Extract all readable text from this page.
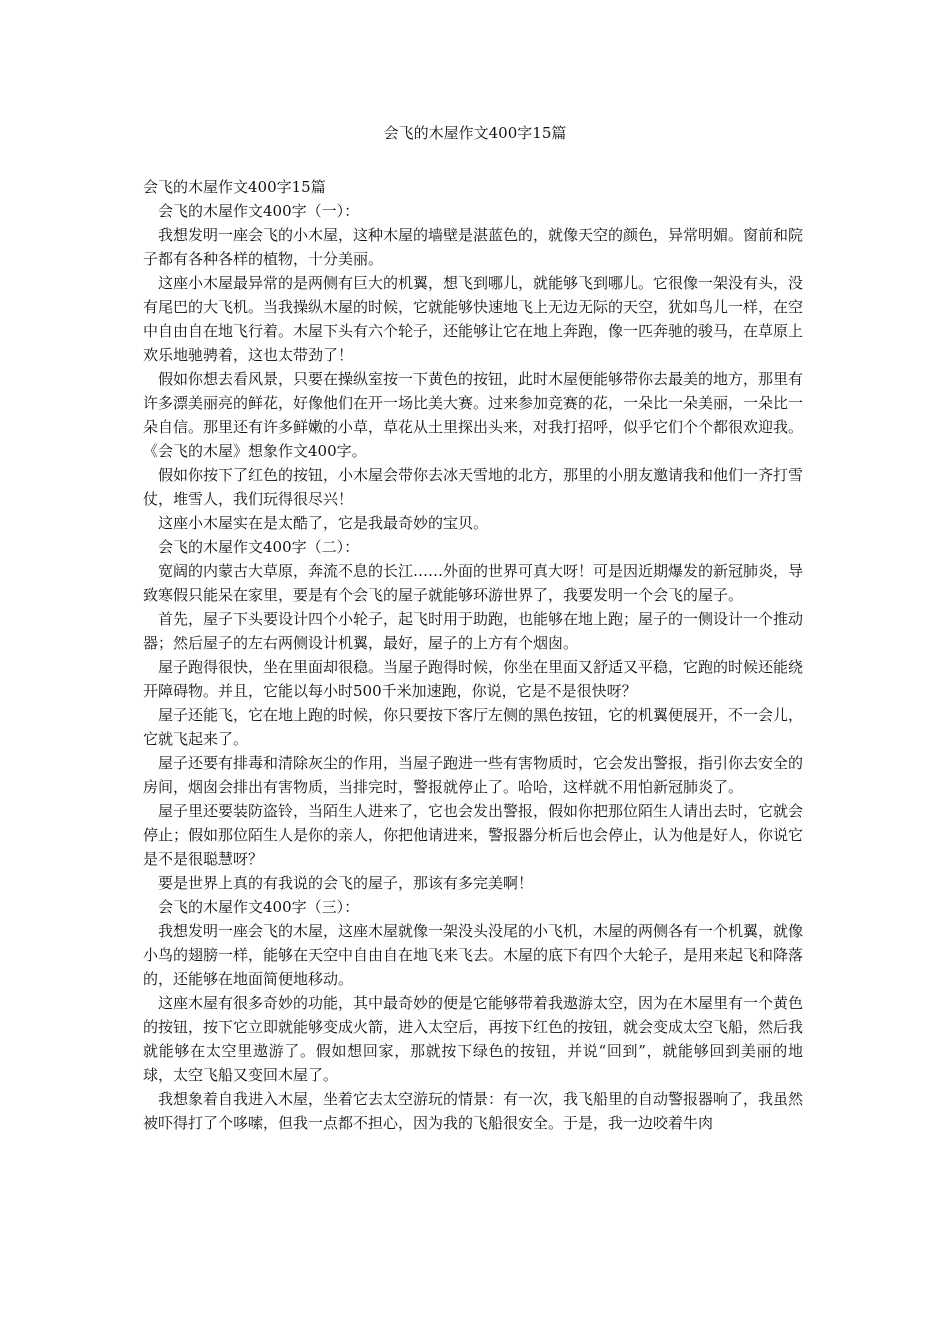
会飞的木屋作文400字15篇

会飞的木屋作文400字15篇

会飞的木屋作文400字（一）：

我想发明一座会飞的小木屋，这种木屋的墙壁是湛蓝色的，就像天空的颜色，异常明媚。窗前和院子都有各种各样的植物，十分美丽。

这座小木屋最异常的是两侧有巨大的机翼，想飞到哪儿，就能够飞到哪儿。它很像一架没有头，没有尾巴的大飞机。当我操纵木屋的时候，它就能够快速地飞上无边无际的天空，犹如鸟儿一样，在空中自由自在地飞行着。木屋下头有六个轮子，还能够让它在地上奔跑，像一匹奔驰的骏马，在草原上欢乐地驰骋着，这也太带劲了！

假如你想去看风景，只要在操纵室按一下黄色的按钮，此时木屋便能够带你去最美的地方，那里有许多漂美丽亮的鲜花，好像他们在开一场比美大赛。过来参加竞赛的花，一朵比一朵美丽，一朵比一朵自信。那里还有许多鲜嫩的小草，草花从土里探出头来，对我打招呼，似乎它们个个都很欢迎我。《会飞的木屋》想象作文400字。

假如你按下了红色的按钮，小木屋会带你去冰天雪地的北方，那里的小朋友邀请我和他们一齐打雪仗，堆雪人，我们玩得很尽兴！

这座小木屋实在是太酷了，它是我最奇妙的宝贝。

会飞的木屋作文400字（二）：

宽阔的内蒙古大草原，奔流不息的长江……外面的世界可真大呀！可是因近期爆发的新冠肺炎，导致寒假只能呆在家里，要是有个会飞的屋子就能够环游世界了，我要发明一个会飞的屋子。

首先，屋子下头要设计四个小轮子，起飞时用于助跑，也能够在地上跑；屋子的一侧设计一个推动器；然后屋子的左右两侧设计机翼，最好，屋子的上方有个烟囱。

屋子跑得很快，坐在里面却很稳。当屋子跑得时候，你坐在里面又舒适又平稳，它跑的时候还能绕开障碍物。并且，它能以每小时500千米加速跑，你说，它是不是很快呀？

屋子还能飞，它在地上跑的时候，你只要按下客厅左侧的黑色按钮，它的机翼便展开，不一会儿，它就飞起来了。

屋子还要有排毒和清除灰尘的作用，当屋子跑进一些有害物质时，它会发出警报，指引你去安全的房间，烟囱会排出有害物质，当排完时，警报就停止了。哈哈，这样就不用怕新冠肺炎了。

屋子里还要装防盗铃，当陌生人进来了，它也会发出警报，假如你把那位陌生人请出去时，它就会停止；假如那位陌生人是你的亲人，你把他请进来，警报器分析后也会停止，认为他是好人，你说它是不是很聪慧呀？

要是世界上真的有我说的会飞的屋子，那该有多完美啊！

会飞的木屋作文400字（三）：

我想发明一座会飞的木屋，这座木屋就像一架没头没尾的小飞机，木屋的两侧各有一个机翼，就像小鸟的翅膀一样，能够在天空中自由自在地飞来飞去。木屋的底下有四个大轮子，是用来起飞和降落的，还能够在地面简便地移动。

这座木屋有很多奇妙的功能，其中最奇妙的便是它能够带着我遨游太空，因为在木屋里有一个黄色的按钮，按下它立即就能够变成火箭，进入太空后，再按下红色的按钮，就会变成太空飞船，然后我就能够在太空里遨游了。假如想回家，那就按下绿色的按钮，并说“回到”，就能够回到美丽的地球，太空飞船又变回木屋了。

我想象着自我进入木屋，坐着它去太空游玩的情景：有一次，我飞船里的自动警报器响了，我虽然被吓得打了个哆嗦，但我一点都不担心，因为我的飞船很安全。于是，我一边咬着牛肉
